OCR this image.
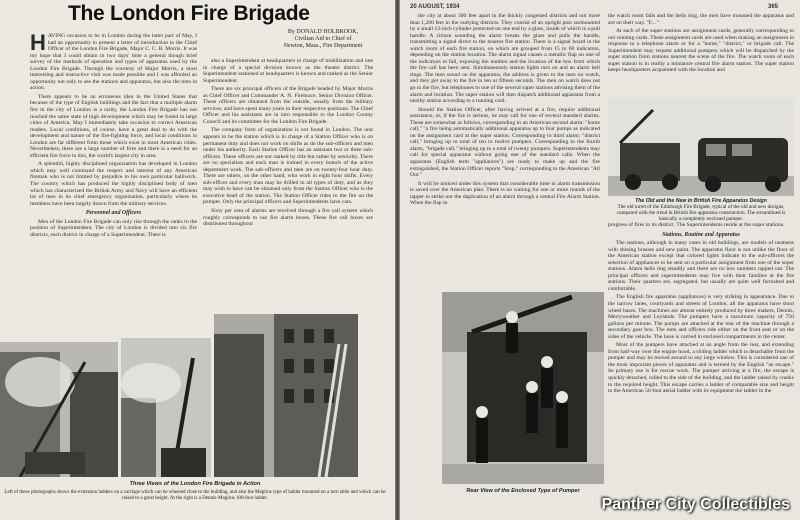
The London Fire Brigade
By DONALD HOLBROOK,
Civilian Aid to Chief of
Newton, Mass., Fire Department
H AVING occasion to be in London during the latter part of May, I had an opportunity to present a letter of introduction to the Chief Officer of the London Fire Brigade, Major C. C. B. Morris. It was my hope that I could obtain in two days' time a general though brief survey of the methods of operation and types of apparatus used by the London Fire Brigade. Through the courtesy of Major Morris, a most interesting and instructive visit was made possible and I was afforded an opportunity not only to see the stations and apparatus, but also the men in action.

There appears to be an erroneous idea in the United States that because of the type of English buildings and the fact that a multiple alarm fire in the city of London is a rarity, the London Fire Brigade has not reached the same state of high development which may be found in large cities of America. May I immediately take occasion to correct American readers. Local conditions, of course, have a great deal to do with the development and nature of the fire-fighting force, and local conditions in London are far different from those which exist in most American cities. Nevertheless, there are a large number of fires and there is a need for an efficient fire force in this, the world's largest city in area.

A splendid, highly disciplined organization has developed in London which may well command the respect and interest of any American fireman who is not limited by prejudice to his own particular bailiwick. The country which has produced the highly disciplined body of men which has characterized the British Army and Navy will have an efficient lot of men in its chief emergency organization, particularly where its members have been largely drawn from the military services.

Personnel and Officers

Men of the London Fire Brigade can only rise through the ranks to the position of Superintendent. The city of London is divided into six fire districts, each district in charge of a Superintendent. There is

also a Superintendent at headquarters in charge of mobilization and one in charge of a special division known as the theatre district. The Superintendent stationed at headquarters is known and ranked as the Senior Superintendent.

There are six principal officers of the Brigade headed by Major Morris as Chief Officer and Commander A. N. Firebrace, Senior Division Officer. These officers are obtained from the outside, usually from the military services, and have spent many years in their respective positions. The Chief Officer and his assistants are in turn responsible to the London County Council and its committee for the London Fire Brigade.

The company form of organization is not found in London. The unit appears to be the station which is in charge of a Station Officer who is on permanent duty and does not work on shifts as do the sub-officers and men under his authority. Each Station Officer has an assistant two or three sub-officers. These officers are not ranked by title but rather by seniority. There are no specialists and each man is trained in every branch of the active department work. The sub-officers and men are on twenty-four hour duty. There are others, on the other hand, who work in eight hour shifts. Every sub-officer and every man may be drilled in all types of duty, and as they may wish to have can be obtained only from the Station Officer who is the executive head of the station. The Station Officer rides to the fire on the pumper. Only the principal officers and Superintendents have cars.

Sixty per cent of alarms are received through a fire call system which roughly corresponds to our fire alarm boxes. These fire call boxes are distributed throughout

Three Views of the London Fire Brigade in Action
Left of these photographs shows the extension ladders on a carriage which can be wheeled close to the building, and also the Magirus type of ladder mounted on a turn table and which can be raised to a great height. At the right is a Dennis-Magirus 100-foot ladder.
20 AUGUST, 1934	365

the city at about 300 feet apart in the thickly congested districts and not more than 1,200 feet in the outlying districts. They consist of an upright post surmounted by a small 12-inch cylinder protected on one end by a glass, inside of which is a pull handle. A citizen sounding the alarm breaks the glass and pulls the handle, transmitting a signal direct to the nearest fire station. There is a signal board in the watch room of each fire station, on which are grouped from 15 to 60 indicators, depending on the station location. The alarm signal causes a metallic flap on one of the indicators to fall, exposing the number and the location of the box from which the fire call has been sent. Simultaneously station lights turn on and an alarm bell rings. The men sound on the apparatus, the address is given to the men on watch, and they get away to the fire in ten or fifteen seconds. The men on watch does not go to the fire, but telephones to one of the several super stations advising them of the alarm and location. The super station will then dispatch additional apparatus from a nearby station according to a running card.

Should the Station Officer, after having arrived at a fire, require additional assistance, or, if the fire is serious, he may call for one of several standard alarms. These are somewhat as follows, corresponding to an American second alarm: "home call," "a fire being automatically additional apparatus up to four pumps as indicated on the assignment card at the super station. Corresponding to third alarm: "district call," bringing up to total of ten to twelve pumpers. Corresponding to the fourth alarm, "brigade call," bringing up to a total of twenty pumpers. Superintendents may call for special apparatus without going one of the standard calls. When the apparatus (English term "appliances") are ready to make up and the fire extinguished, the Station Officer reports "Stop," corresponding to the American "All Out."

It will be noticed under this system that considerable time in alarm transmission is saved over the American plan. There is no waiting for one or more rounds of the tapper to strike nor the duplication of an alarm through a central Fire Alarm Station. When the flap in

the watch room falls and the bells ring, the men have mounted the apparatus and are on their way. "F... "

At each of the super stations are assignment cards, generally corresponding to our running cards. These assignment cards are used when making an assignment in response to a telephone alarm or for a "home," "district," or brigade call. The Superintendent may request additional pumpers which will be dispatched by the super station from stations nearest the scene of the fire. The watch room of each super station is in reality a miniature central fire alarm station. The super station keeps headquarters acquainted with the location and

The Old and the New in British Fire Apparatus Design
The old turret of the Edinburgh Fire Brigade, typical of the old and new designs, compared with the trend in British fire apparatus construction. The streamlined is basically a completely enclosed pumper.

progress of fires in its district. The Superintendents reside at the super stations.

Stations, Routine and Apparatus

The stations, although in many cases in old buildings, are models of neatness with shining brasses and new paint. The apparatus floor is not unlike the floor of the American station except that colored lights indicate to the sub-officers the selection of appliances to be sent on a particular assignment from one of the super stations. Alarm bells ring steadily and there are no box numbers tapped out. The principal officers and superintendents may live with their families at the fire stations. Their quarters are, segregated, but usually are quite well furnished and comfortable.

The English fire apparatus (appliances) is very striking in appearance. Due to the narrow lanes, courtyards and streets of London, all the apparatus have short wheel bases. The machines are almost entirely produced by three makers, Dennis, Merryweather and Leylands. The pumpers have a maximum capacity of 750 gallons per minute. The pumps are attached at the rear of the machine through a secondary gear box. The men and officers ride either on the front seat or on the sides of the vehicle. The hose is carried in enclosed compartments in the center.

Most of the pumpers have attached at an angle from the rear, and extending from half-way over the engine hood, a sliding ladder which is detachable from the pumper and may be moved around to any large window. This is considered one of the most important pieces of apparatus and is termed by the English "an escape." Its primary use is for rescue work. The pumper arriving at a fire, the escape is quickly detached, rolled to the side of the building, and the ladder raised by cranks to the required height. This escape carries a ladder of comparable size and height to the American 50-foot aerial ladder with its equipment the ladder in the

Rear View of the Enclosed Type of Pumper
Panther City Collectibles
